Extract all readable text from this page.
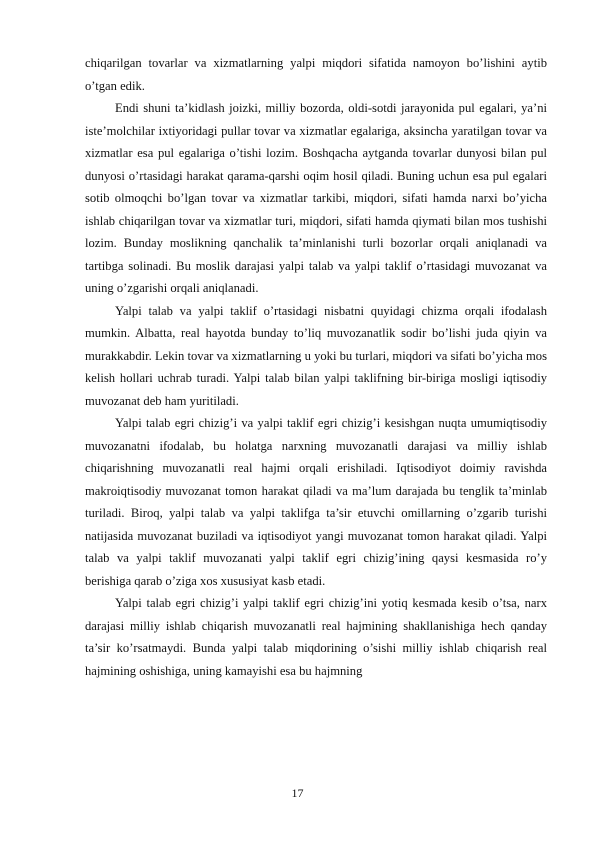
chiqarilgan tovarlar va xizmatlarning yalpi miqdori sifatida namoyon bo’lishini aytib o’tgan edik.

Endi shuni ta’kidlash joizki, milliy bozorda, oldi-sotdi jarayonida pul egalari, ya’ni iste’molchilar ixtiyoridagi pullar tovar va xizmatlar egalariga, aksincha yaratilgan tovar va xizmatlar esa pul egalariga o’tishi lozim. Boshqacha aytganda tovarlar dunyosi bilan pul dunyosi o’rtasidagi harakat qarama-qarshi oqim hosil qiladi. Buning uchun esa pul egalari sotib olmoqchi bo’lgan tovar va xizmatlar tarkibi, miqdori, sifati hamda narxi bo’yicha ishlab chiqarilgan tovar va xizmatlar turi, miqdori, sifati hamda qiymati bilan mos tushishi lozim. Bunday moslikning qanchalik ta’minlanishi turli bozorlar orqali aniqlanadi va tartibga solinadi. Bu moslik darajasi yalpi talab va yalpi taklif o’rtasidagi muvozanat va uning o’zgarishi orqali aniqlanadi.

Yalpi talab va yalpi taklif o’rtasidagi nisbatni quyidagi chizma orqali ifodalash mumkin. Albatta, real hayotda bunday to’liq muvozanatlik sodir bo’lishi juda qiyin va murakkabdir. Lekin tovar va xizmatlarning u yoki bu turlari, miqdori va sifati bo’yicha mos kelish hollari uchrab turadi. Yalpi talab bilan yalpi taklifning bir-biriga mosligi iqtisodiy muvozanat deb ham yuritiladi.

Yalpi talab egri chizig’i va yalpi taklif egri chizig’i kesishgan nuqta umumiqtisodiy muvozanatni ifodalab, bu holatga narxning muvozanatli darajasi va milliy ishlab chiqarishning muvozanatli real hajmi orqali erishiladi. Iqtisodiyot doimiy ravishda makroiqtisodiy muvozanat tomon harakat qiladi va ma’lum darajada bu tenglik ta’minlab turiladi. Biroq, yalpi talab va yalpi taklifga ta’sir etuvchi omillarning o’zgarib turishi natijasida muvozanat buziladi va iqtisodiyot yangi muvozanat tomon harakat qiladi. Yalpi talab va yalpi taklif muvozanati yalpi taklif egri chizig’ining qaysi kesmasida ro’y berishiga qarab o’ziga xos xususiyat kasb etadi.

Yalpi talab egri chizig’i yalpi taklif egri chizig’ini yotiq kesmada kesib o’tsa, narx darajasi milliy ishlab chiqarish muvozanatli real hajmining shakllanishiga hech qanday ta’sir ko’rsatmaydi. Bunda yalpi talab miqdorining o’sishi milliy ishlab chiqarish real hajmining oshishiga, uning kamayishi esa bu hajmning

17
